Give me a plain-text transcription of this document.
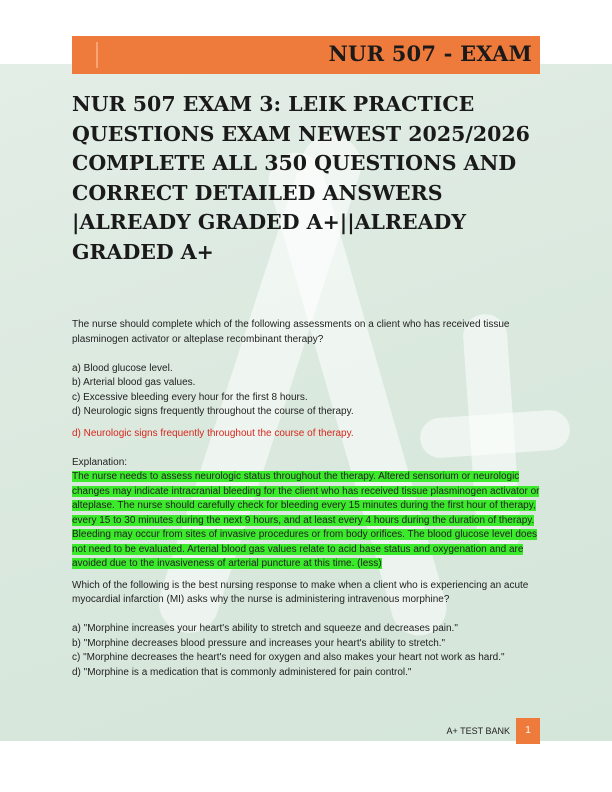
NUR 507 - EXAM
NUR 507 EXAM 3: LEIK PRACTICE QUESTIONS EXAM NEWEST 2025/2026 COMPLETE ALL 350 QUESTIONS AND CORRECT DETAILED ANSWERS |ALREADY GRADED A+||ALREADY GRADED A+

The nurse should complete which of the following assessments on a client who has received tissue plasminogen activator or alteplase recombinant therapy?

a) Blood glucose level.

b) Arterial blood gas values.

c) Excessive bleeding every hour for the first 8 hours.

d) Neurologic signs frequently throughout the course of therapy.

d) Neurologic signs frequently throughout the course of therapy.

Explanation:

The nurse needs to assess neurologic status throughout the therapy. Altered sensorium or neurologic changes may indicate intracranial bleeding for the client who has received tissue plasminogen activator or alteplase. The nurse should carefully check for bleeding every 15 minutes during the first hour of therapy, every 15 to 30 minutes during the next 9 hours, and at least every 4 hours during the duration of therapy. Bleeding may occur from sites of invasive procedures or from body orifices. The blood glucose level does not need to be evaluated. Arterial blood gas values relate to acid base status and oxygenation and are avoided due to the invasiveness of arterial puncture at this time. (less)

Which of the following is the best nursing response to make when a client who is experiencing an acute myocardial infarction (MI) asks why the nurse is administering intravenous morphine?

a) "Morphine increases your heart's ability to stretch and squeeze and decreases pain."

b) "Morphine decreases blood pressure and increases your heart's ability to stretch."

c) "Morphine decreases the heart's need for oxygen and also makes your heart not work as hard."

d) "Morphine is a medication that is commonly administered for pain control."

A+ TEST BANK	1
